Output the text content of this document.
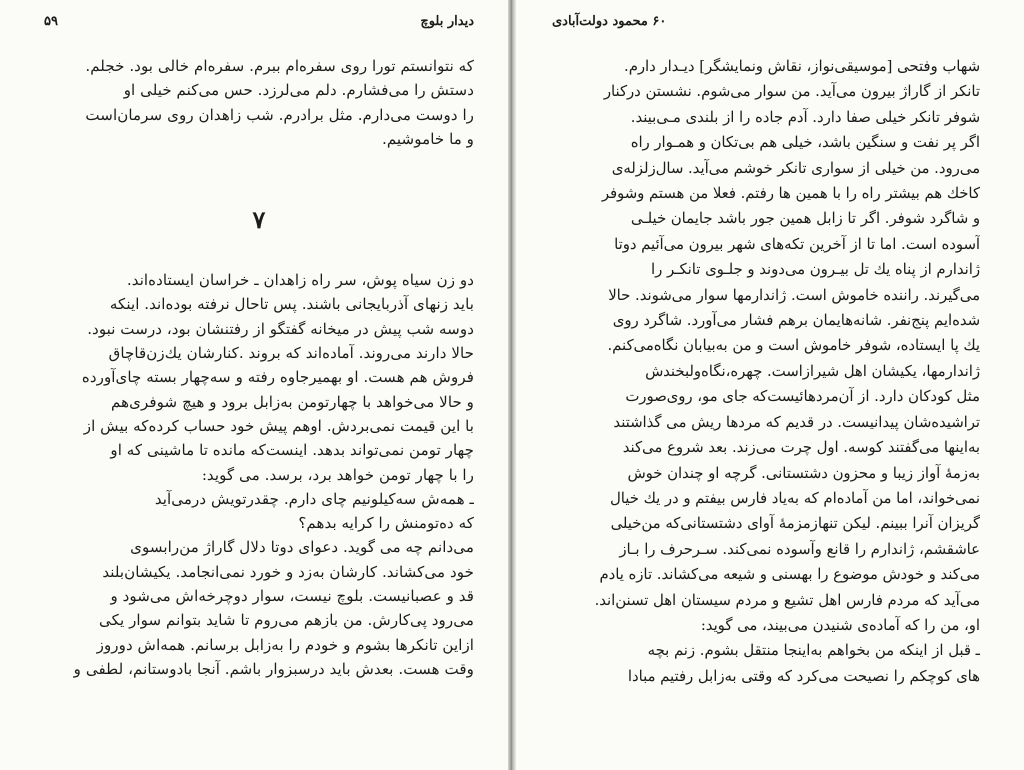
دیدار بلوچ
۵۹

که نتوانستم تورا روی سفره‌ام ببرم. سفره‌ام خالی بود. خجلم.

دستش را می‌فشارم. دلم می‌لرزد. حس می‌کنم خیلی او

را دوست می‌دارم. مثل برادرم. شب زاهدان روی سرمان‌است

و ما خاموشیم.

۷

دو زن سیاه پوش، سر راه زاهدان ـ خراسان ایستاده‌اند.

باید زنهای آذربایجانی باشند. پس تاحال نرفته بوده‌اند. اینکه

دوسه شب پیش در میخانه گفتگو از رفتنشان بود، درست نبود.

حالا دارند می‌روند. آماده‌اند که بروند .کنارشان یك‌زن‌قاچاق

فروش هم هست. او بهمیرجاوه رفته و سه‌چهار بسته چای‌آورده

و حالا می‌خواهد با چهارتومن به‌زابل برود و هیچ شوفری‌هم

با این قیمت نمی‌بردش. اوهم پیش خود حساب کرده‌که بیش از

چهار تومن نمی‌تواند بدهد. اینست‌که مانده تا ماشینی که او

را با چهار تومن خواهد برد، برسد. می گوید:

ـ همه‌ش سه‌کیلونیم چای دارم. چقدرتویش درمی‌آید

که ده‌تومنش را کرایه بدهم؟

می‌دانم چه می گوید. دعوای دوتا دلال گاراژ من‌رابسوی

خود می‌کشاند. کارشان به‌زد و خورد نمی‌انجامد. یکیشان‌بلند

قد و عصبانیست. بلوچ نیست، سوار دوچرخه‌اش می‌شود و

می‌رود پی‌کارش. من بازهم می‌روم تا شاید بتوانم سوار یکی

ازاین تانکرها بشوم و خودم را به‌زابل برسانم. همه‌اش دوروز

وقت هست. بعدش باید درسبزوار باشم. آنجا بادوستانم، لطفی و

۶۰ محمود دولت‌آبادی

شهاب وفتحی [موسیقی‌نواز، نقاش ونمایشگر] دیـدار دارم.

تانکر از گاراژ بیرون می‌آید. من سوار می‌شوم. نشستن درکنار

شوفر تانکر خیلی صفا دارد. آدم جاده را از بلندی مـی‌بیند.

اگر پر نفت و سنگین باشد، خیلی هم بی‌تکان و همـوار راه

می‌رود. من خیلی از سواری تانکر خوشم می‌آید. سال‌زلزله‌ی

کاخك هم بیشتر راه را با همین ها رفتم. فعلا من هستم وشوفر

و شاگرد شوفر. اگر تا زابل همین جور باشد جایمان خیلـی

آسوده است. اما تا از آخرین تکه‌های شهر بیرون می‌آئیم دوتا

ژاندارم از پناه یك تل بیـرون می‌دوند و جلـوی تانکـر را

می‌گیرند. راننده خاموش است. ژاندارمها سوار می‌شوند. حالا

شده‌ایم پنج‌نفر. شانه‌هایمان برهم فشار می‌آورد. شاگرد روی

یك پا ایستاده، شوفر خاموش است و من به‌بیابان نگاه‌می‌کنم.

ژاندارمها، یکیشان اهل شیرازاست. چهره،نگاه‌ولبخندش

مثل کودکان دارد. از آن‌مردهائیست‌که جای مو، روی‌صورت

تراشیده‌شان پیدانیست. در قدیم که مردها ریش می گذاشتند

به‌اینها می‌گفتند کوسه. اول چرت می‌زند. بعد شروع می‌کند

به‌زمۀ آواز زیبا و محزون دشتستانی. گرچه او چندان خوش

نمی‌خواند، اما من آماده‌ام که به‌یاد فارس بیفتم و در یك خیال

گریزان آنرا ببینم. لیکن تنهازمزمۀ آوای دشتستانی‌که من‌خیلی

عاشقشم، ژاندارم را قانع وآسوده نمی‌کند. سـرحرف را بـاز

می‌کند و خودش موضوع را بهسنی و شیعه می‌کشاند. تازه یادم

می‌آید که مردم فارس اهل تشیع و مردم سیستان اهل تسنن‌اند.

او، من را که آماده‌ی شنیدن می‌بیند، می گوید:

ـ قبل از اینکه من بخواهم به‌اینجا منتقل بشوم. زنم بچه

های کوچکم را نصیحت می‌کرد که وقتی به‌زابل رفتیم مبادا
